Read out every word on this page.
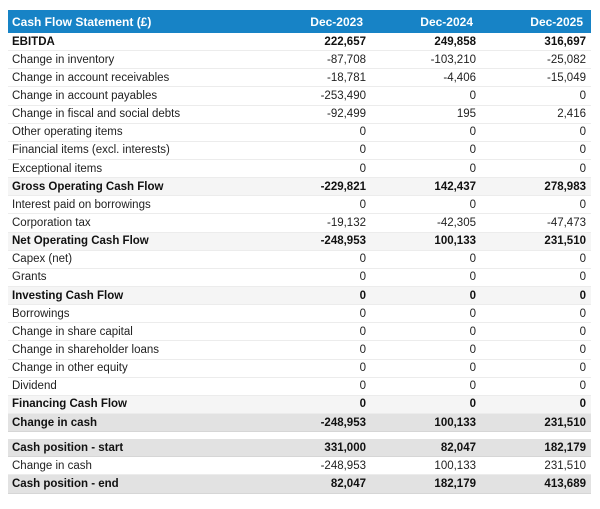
Cash Flow Statement (£)	Dec-2023	Dec-2024	Dec-2025
EBITDA	222,657	249,858	316,697
Change in inventory	-87,708	-103,210	-25,082
Change in account receivables	-18,781	-4,406	-15,049
Change in account payables	-253,490	0	0
Change in fiscal and social debts	-92,499	195	2,416
Other operating items	0	0	0
Financial items (excl. interests)	0	0	0
Exceptional items	0	0	0
Gross Operating Cash Flow	-229,821	142,437	278,983
Interest paid on borrowings	0	0	0
Corporation tax	-19,132	-42,305	-47,473
Net Operating Cash Flow	-248,953	100,133	231,510
Capex (net)	0	0	0
Grants	0	0	0
Investing Cash Flow	0	0	0
Borrowings	0	0	0
Change in share capital	0	0	0
Change in shareholder loans	0	0	0
Change in other equity	0	0	0
Dividend	0	0	0
Financing Cash Flow	0	0	0
Change in cash	-248,953	100,133	231,510
Cash position - start	331,000	82,047	182,179
Change in cash	-248,953	100,133	231,510
Cash position - end	82,047	182,179	413,689
